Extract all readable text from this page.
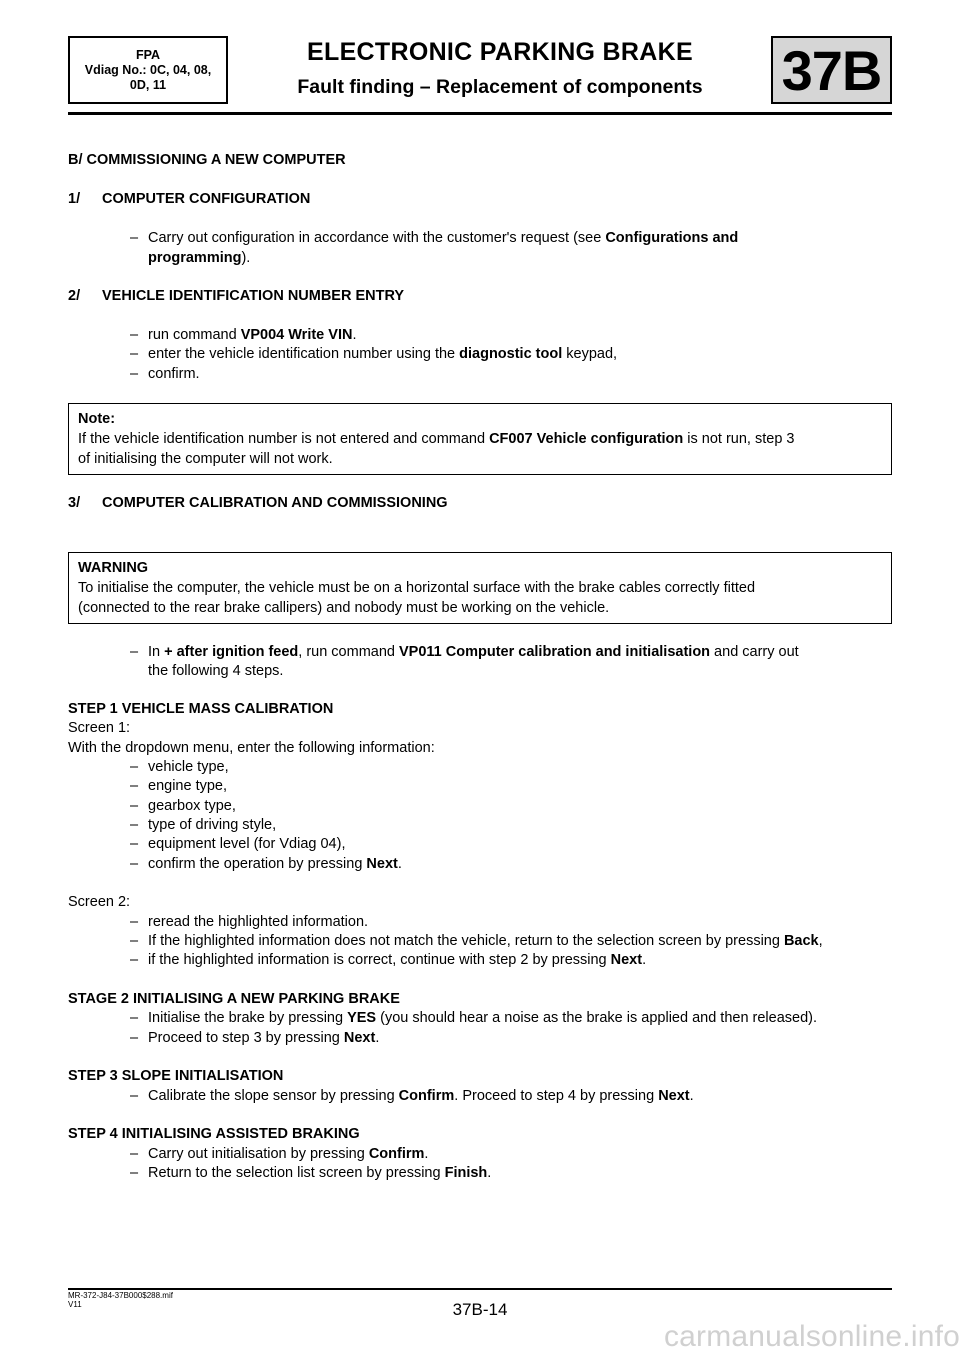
FPA
Vdiag No.: 0C, 04, 08,
0D, 11
ELECTRONIC PARKING BRAKE
Fault finding – Replacement of components	37B
B/ COMMISSIONING A NEW COMPUTER
1/ COMPUTER CONFIGURATION
– Carry out configuration in accordance with the customer's request (see Configurations and
programming).
2/ VEHICLE IDENTIFICATION NUMBER ENTRY
– run command VP004 Write VIN.
– enter the vehicle identification number using the diagnostic tool keypad,
– confirm.
Note:
If the vehicle identification number is not entered and command CF007 Vehicle configuration is not run, step 3
of initialising the computer will not work.
3/ COMPUTER CALIBRATION AND COMMISSIONING
WARNING
To initialise the computer, the vehicle must be on a horizontal surface with the brake cables correctly fitted
(connected to the rear brake callipers) and nobody must be working on the vehicle.
– In + after ignition feed, run command VP011 Computer calibration and initialisation and carry out
the following 4 steps.
STEP 1 VEHICLE MASS CALIBRATION
Screen 1:
With the dropdown menu, enter the following information:
– vehicle type,
– engine type,
– gearbox type,
– type of driving style,
– equipment level (for Vdiag 04),
– confirm the operation by pressing Next.
Screen 2:
– reread the highlighted information.
– If the highlighted information does not match the vehicle, return to the selection screen by pressing Back,
– if the highlighted information is correct, continue with step 2 by pressing Next.
STAGE 2 INITIALISING A NEW PARKING BRAKE
– Initialise the brake by pressing YES (you should hear a noise as the brake is applied and then released).
– Proceed to step 3 by pressing Next.
STEP 3 SLOPE INITIALISATION
– Calibrate the slope sensor by pressing Confirm. Proceed to step 4 by pressing Next.
STEP 4 INITIALISING ASSISTED BRAKING
– Carry out initialisation by pressing Confirm.
– Return to the selection list screen by pressing Finish.
MR-372-J84-37B000$288.mif
V11	37B-14
carmanualsonline.info
